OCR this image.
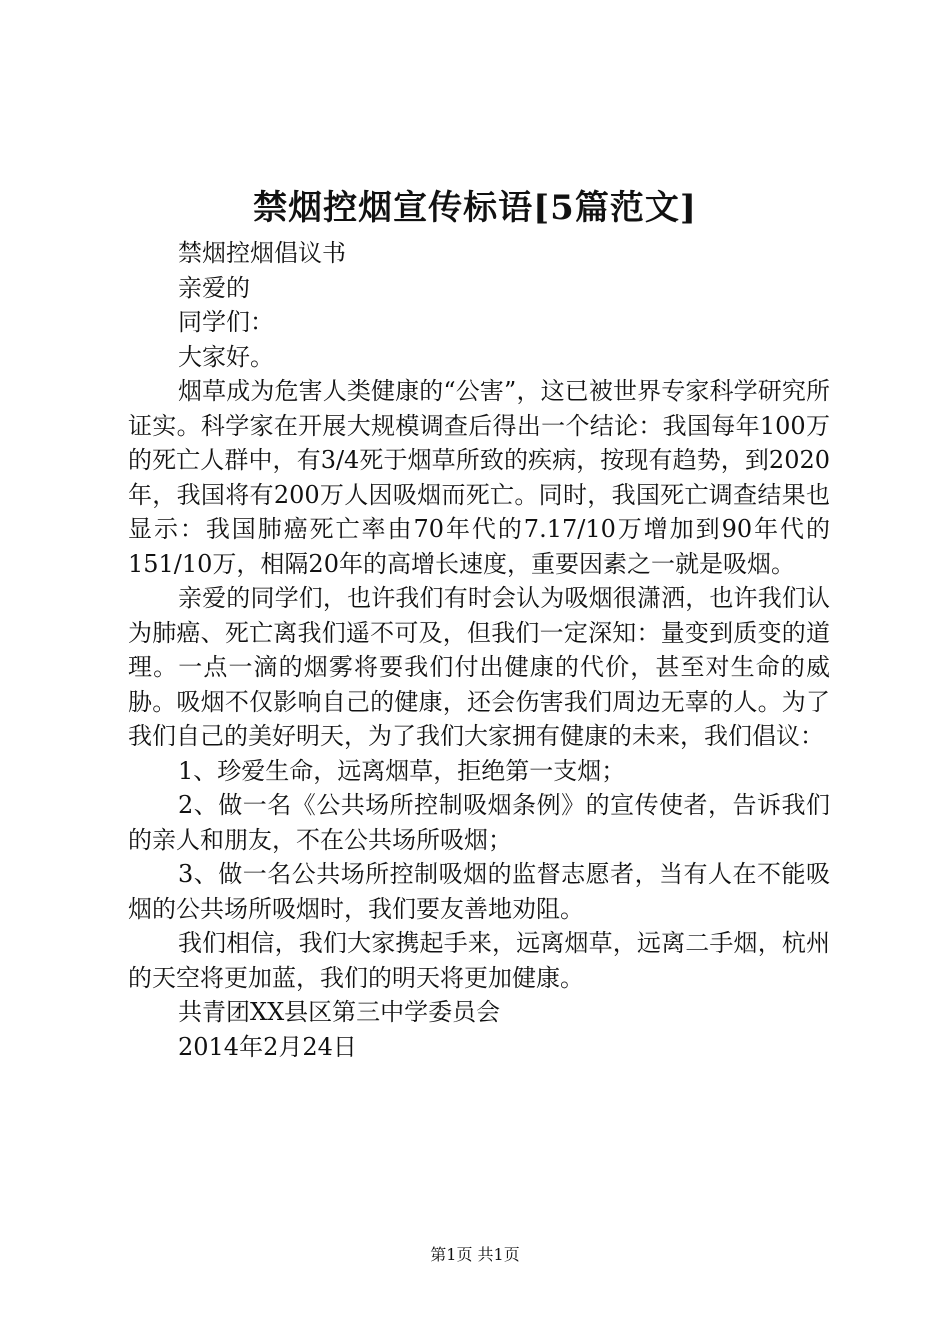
禁烟控烟宣传标语[5篇范文]

禁烟控烟倡议书

亲爱的

同学们：

大家好。

烟草成为危害人类健康的“公害”，这已被世界专家科学研究所证实。科学家在开展大规模调查后得出一个结论：我国每年100万的死亡人群中，有3/4死于烟草所致的疾病，按现有趋势，到2020年，我国将有200万人因吸烟而死亡。同时，我国死亡调查结果也显示：我国肺癌死亡率由70年代的7.17/10万增加到90年代的151/10万，相隔20年的高增长速度，重要因素之一就是吸烟。

亲爱的同学们，也许我们有时会认为吸烟很潇洒，也许我们认为肺癌、死亡离我们遥不可及，但我们一定深知：量变到质变的道理。一点一滴的烟雾将要我们付出健康的代价，甚至对生命的威胁。吸烟不仅影响自己的健康，还会伤害我们周边无辜的人。为了我们自己的美好明天，为了我们大家拥有健康的未来，我们倡议：

1、珍爱生命，远离烟草，拒绝第一支烟；

2、做一名《公共场所控制吸烟条例》的宣传使者，告诉我们的亲人和朋友，不在公共场所吸烟；

3、做一名公共场所控制吸烟的监督志愿者，当有人在不能吸烟的公共场所吸烟时，我们要友善地劝阻。

我们相信，我们大家携起手来，远离烟草，远离二手烟，杭州的天空将更加蓝，我们的明天将更加健康。

共青团XX县区第三中学委员会

2014年2月24日

第1页 共1页
